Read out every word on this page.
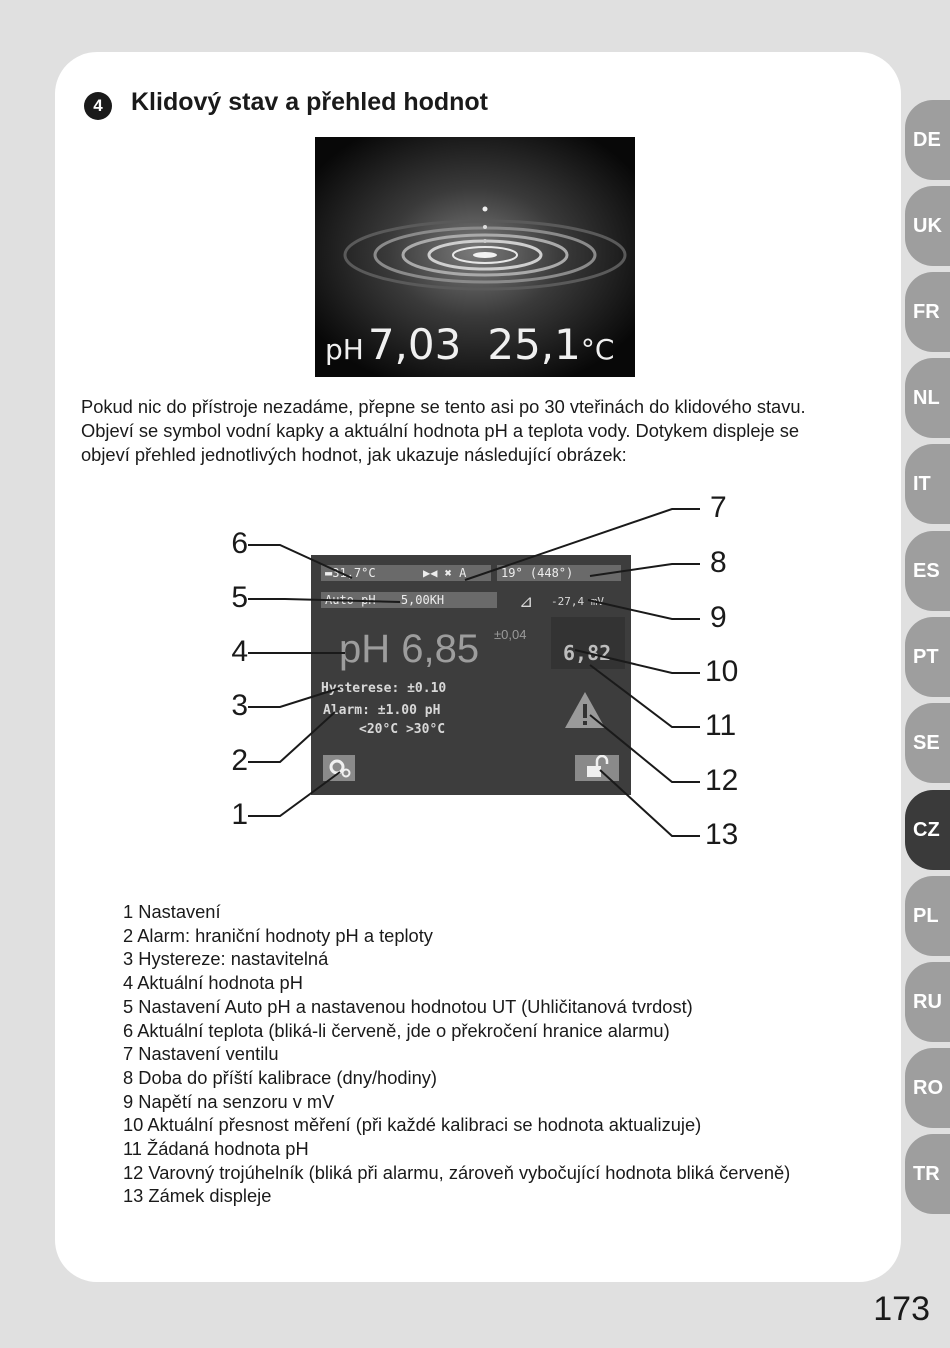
4	Klidový stav a přehled hodnot
pH7,03 25,1°C

Pokud nic do přístroje nezadáme, přepne se tento asi po 30 vteřinách do klidového stavu.

Objeví se symbol vodní kapky a aktuální hodnota pH a teplota vody. Dotykem displeje se

objeví přehled jednotlivých hodnot, jak ukazuje následující obrázek:

▬31,7°C	▶◀ ✖ A	19° (448°)
Auto pH 5,00KH	⊿ -27,4 mV
±0,04
6,82
pH 6,85
Hysterese: ±0.10
Alarm: ±1.00 pH
<20°C >30°C
6
5
4
3
2
1
7
8
9
10
11
12
13
1 Nastavení
2 Alarm: hraniční hodnoty pH a teploty
3 Hystereze: nastavitelná
4 Aktuální hodnota pH
5 Nastavení Auto pH a nastavenou hodnotou UT (Uhličitanová tvrdost)
6 Aktuální teplota (bliká-li červeně, jde o překročení hranice alarmu)
7 Nastavení ventilu
8 Doba do příští kalibrace (dny/hodiny)
9 Napětí na senzoru v mV
10 Aktuální přesnost měření (při každé kalibraci se hodnota aktualizuje)
11 Žádaná hodnota pH
12 Varovný trojúhelník (bliká při alarmu, zároveň vybočující hodnota bliká červeně)
13 Zámek displeje
DE
UK
FR
NL
IT
ES
PT
SE
CZ
PL
RU
RO
TR
173
